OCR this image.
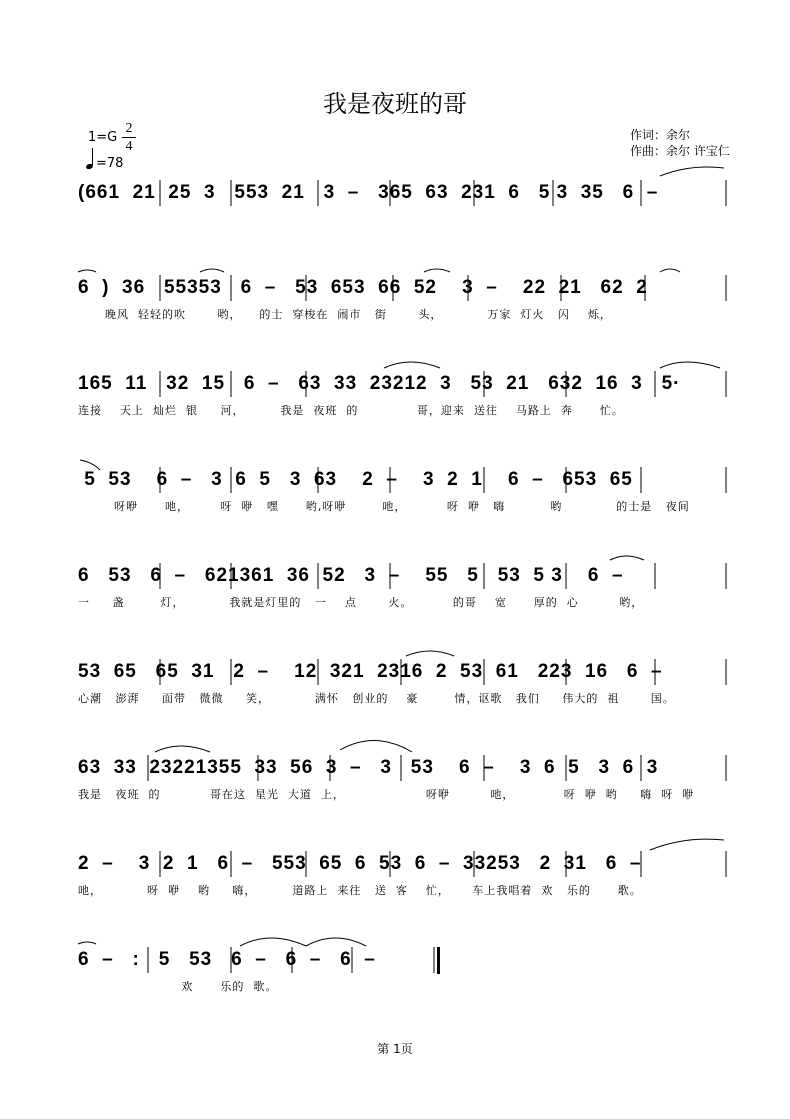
我是夜班的哥
1=G
2
4
=78
作词：余尔
作曲：余尔 许宝仁
(661  21  25  3   553  21   3  –   365  63  231  6   5 3  35   6  –
6  )  36   55353   6  –   53  653  66  52    3  –    22  21   62  2
晚风  轻轻的吹       哟，    的士  穿梭在  闹市   街       头，          万家  灯火   闪    烁，
165  11   32  15   6  –   63  33  23212  3   53  21   632  16  3   5·
连接    天上  灿烂  银     河，        我是  夜班  的             哥，迎来  送往    马路上  奔      忙。
5  53    6  –   3  6  5   3  63    2  –    3  2  1    6  –   653  65
呀咿      吔，       呀  咿   嘿      哟,呀咿        吔，         呀  咿   嗨          哟            的士是   夜间
6   53   6  –   621361  36  52   3  –    55   5   53  5 3    6  –
一     盏        灯，          我就是灯里的   一    点       火。         的哥    宽      厚的  心         哟，
53  65   65  31   2  –    12  321  2316  2  53  61   223  16   6  –
心潮   澎湃     面带   微微     笑，          满怀   创业的    豪        情，讴歌   我们     伟大的  祖       国。
63  33  23221355  33  56  3  –   3   53    6  –    3  6  5   3  6  3
我是   夜班  的           哥在这  星光  大道  上，                  呀咿         吔，           呀  咿  哟     嗨  呀  咿
2  –    3  2  1   6  –   553  65  6  53  6  –  33253   2  31   6  –
吔，          呀  咿    哟     嗨，        道路上  来往   送  客    忙，     车上我唱着  欢   乐的      歌。
6  –   :   5   53   6  –   6  –   6  –
欢      乐的  歌。
第 1页
